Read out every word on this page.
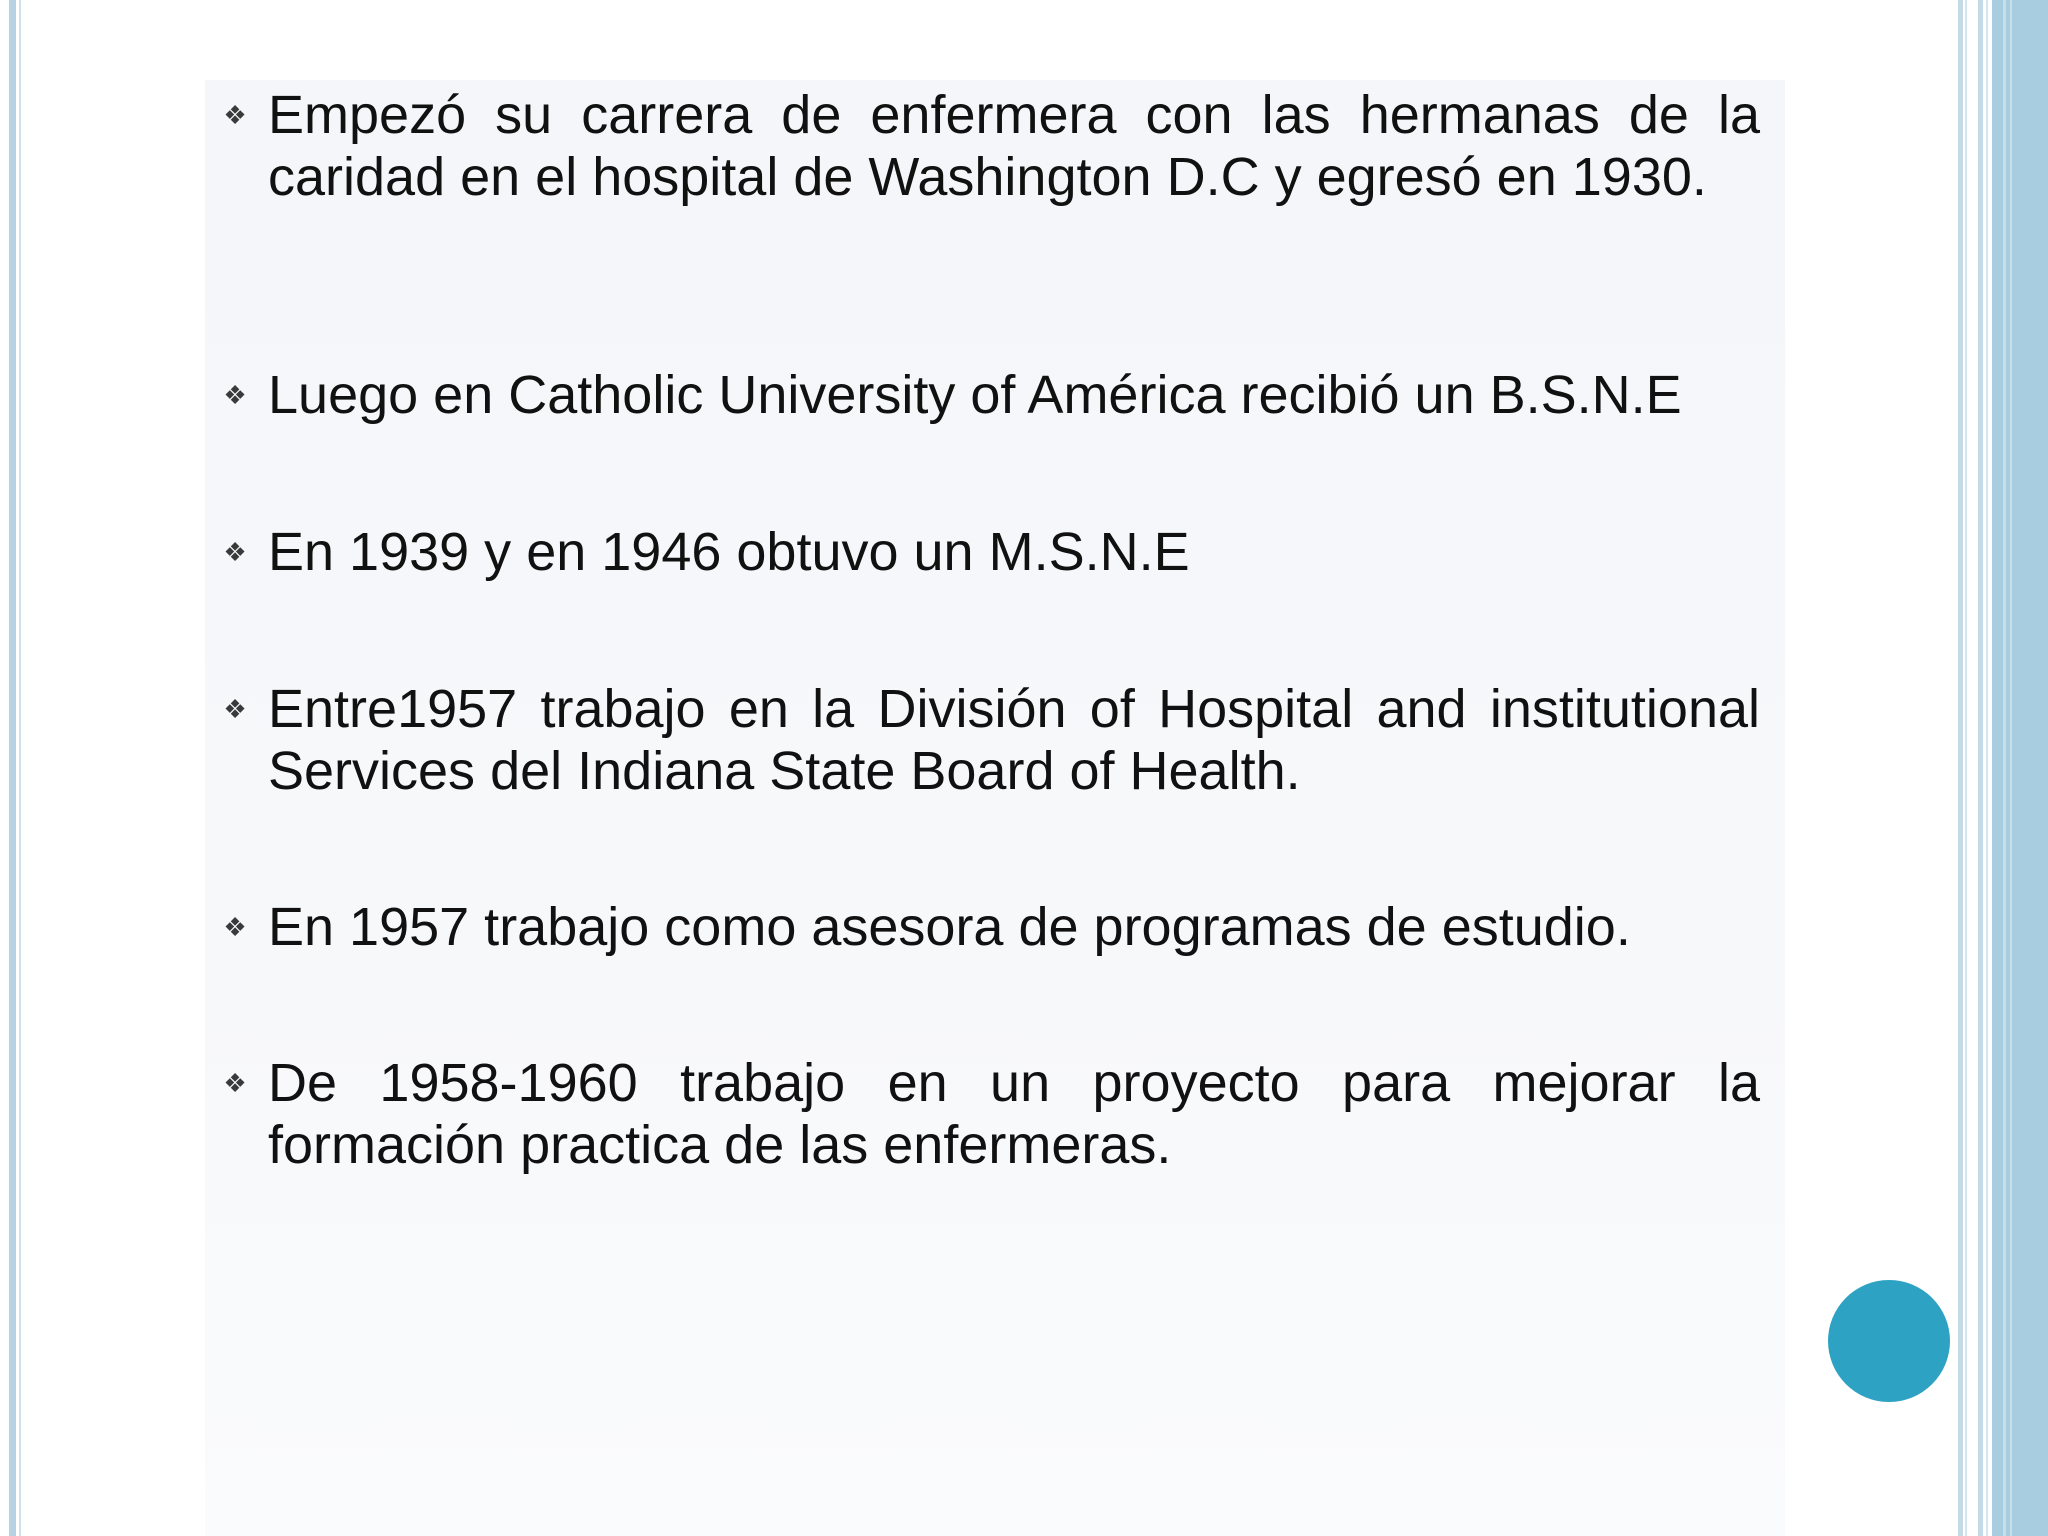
❖ Empezó su carrera de enfermera con las hermanas de la caridad en el hospital de Washington D.C y egresó en 1930.

❖ Luego en Catholic University of América recibió un B.S.N.E

❖ En 1939 y en 1946 obtuvo un M.S.N.E

❖ Entre1957 trabajo en la División of Hospital and institutional Services del Indiana State Board of Health.

❖ En 1957 trabajo como asesora de programas de estudio.

❖ De 1958-1960 trabajo en un proyecto para mejorar la formación practica de las enfermeras.
